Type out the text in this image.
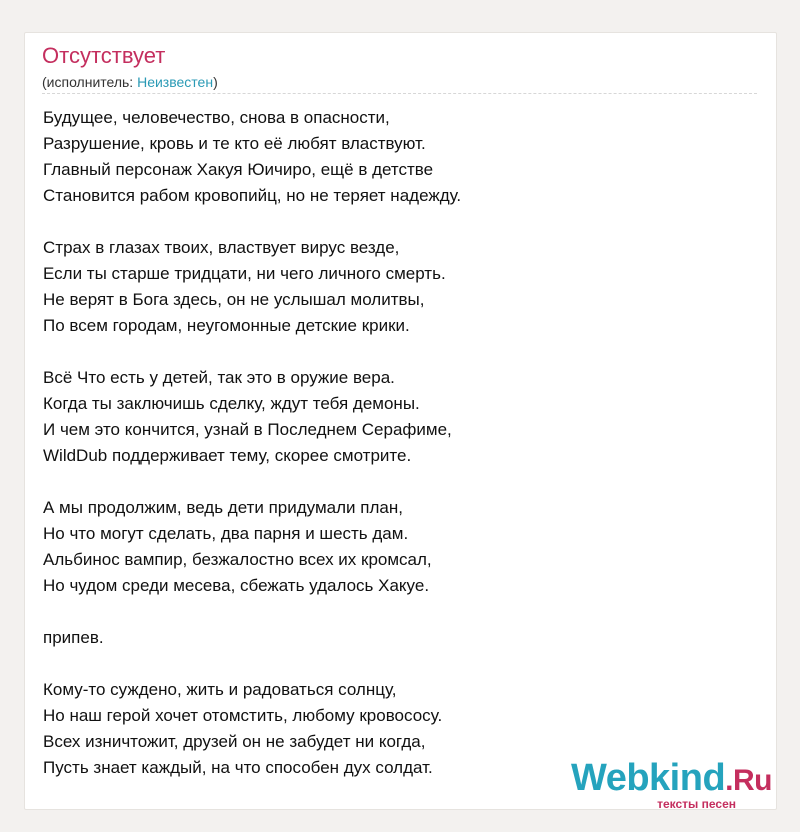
Отсутствует
(исполнитель: Неизвестен)
Будущее, человечество, снова в опасности,
Разрушение, кровь и те кто её любят властвуют.
Главный персонаж Хакуя Юичиро, ещё в детстве
Становится рабом кровопийц, но не теряет надежду.
Страх в глазах твоих, властвует вирус везде,
Если ты старше тридцати, ни чего личного смерть.
Не верят в Бога здесь, он не услышал молитвы,
По всем городам, неугомонные детские крики.
Всё Что есть у детей, так это в оружие вера.
Когда ты заключишь сделку, ждут тебя демоны.
И чем это кончится, узнай в Последнем Серафиме,
WildDub поддерживает тему, скорее смотрите.
А мы продолжим, ведь дети придумали план,
Но что могут сделать, два парня и шесть дам.
Альбинос вампир, безжалостно всех их кромсал,
Но чудом среди месева, сбежать удалось Хакуе.
припев.
Кому-то суждено, жить и радоваться солнцу,
Но наш герой хочет отомстить, любому кровососу.
Всех изничтожит, друзей он не забудет ни когда,
Пусть знает каждый, на что способен дух солдат.	Webkind.Ru
тексты песен
